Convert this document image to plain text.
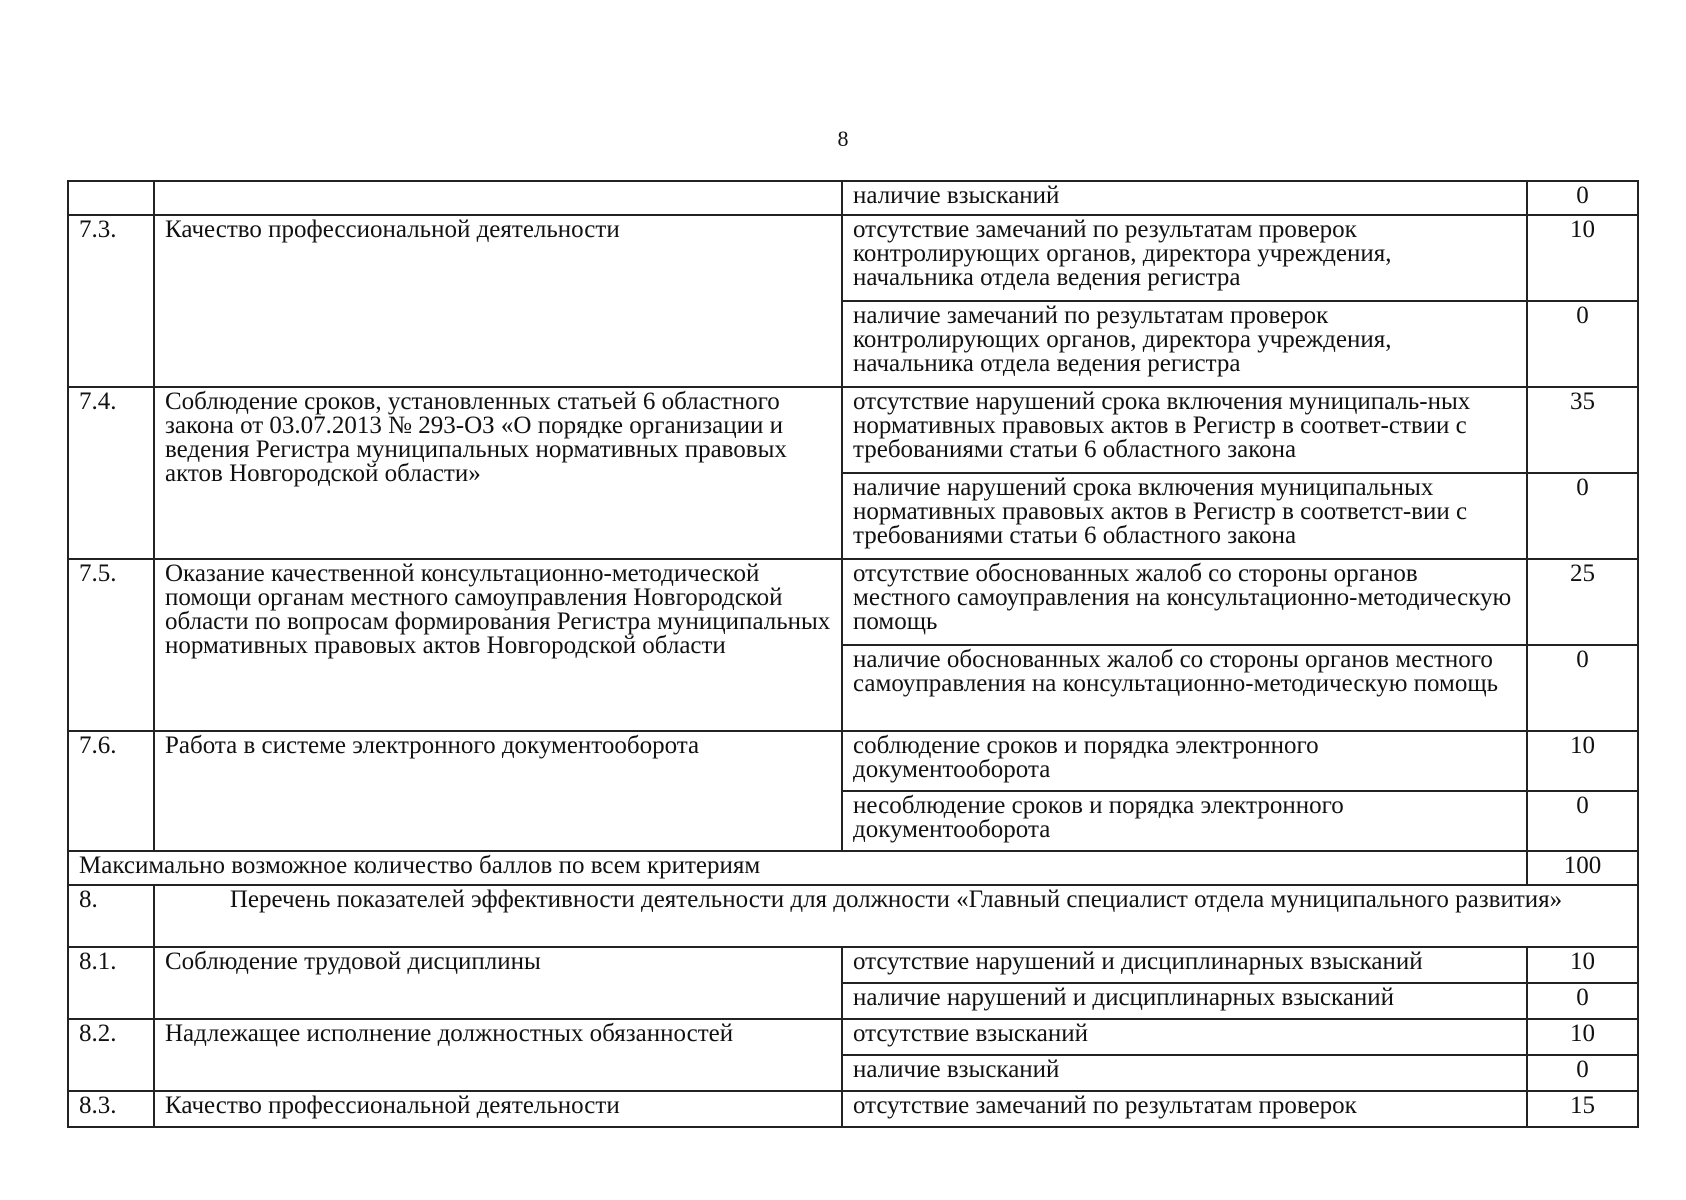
8
		наличие взысканий	0
7.3.	Качество профессиональной деятельности	отсутствие замечаний по результатам проверок контролирующих органов, директора учреждения, начальника отдела ведения регистра	10
		наличие замечаний по результатам проверок контролирующих органов, директора учреждения, начальника отдела ведения регистра	0
7.4.	Соблюдение сроков, установленных статьей 6 областного закона от 03.07.2013 № 293-ОЗ «О порядке организации и ведения Регистра муниципальных нормативных правовых актов Новгородской области»	отсутствие нарушений срока включения муниципаль-ных нормативных правовых актов в Регистр в соответ-ствии с требованиями статьи 6 областного закона	35
		наличие нарушений срока включения муниципальных нормативных правовых актов в Регистр в соответст-вии с требованиями статьи 6 областного закона	0
7.5.	Оказание качественной консультационно-методической помощи органам местного самоуправления Новгородской области по вопросам формирования Регистра муниципальных нормативных правовых актов Новгородской области	отсутствие обоснованных жалоб со стороны органов местного самоуправления на консультационно-методическую помощь	25
		наличие обоснованных жалоб со стороны органов местного самоуправления на консультационно-методическую помощь	0
7.6.	Работа в системе электронного документооборота	соблюдение сроков и порядка электронного документооборота	10
		несоблюдение сроков и порядка электронного документооборота	0
Максимально возможное количество баллов по всем критериям			100
8.	Перечень показателей эффективности деятельности для должности «Главный специалист отдела муниципального развития»		
8.1.	Соблюдение трудовой дисциплины	отсутствие нарушений и дисциплинарных взысканий	10
		наличие нарушений и дисциплинарных взысканий	0
8.2.	Надлежащее исполнение должностных обязанностей	отсутствие взысканий	10
		наличие взысканий	0
8.3.	Качество профессиональной деятельности	отсутствие замечаний по результатам проверок	15
